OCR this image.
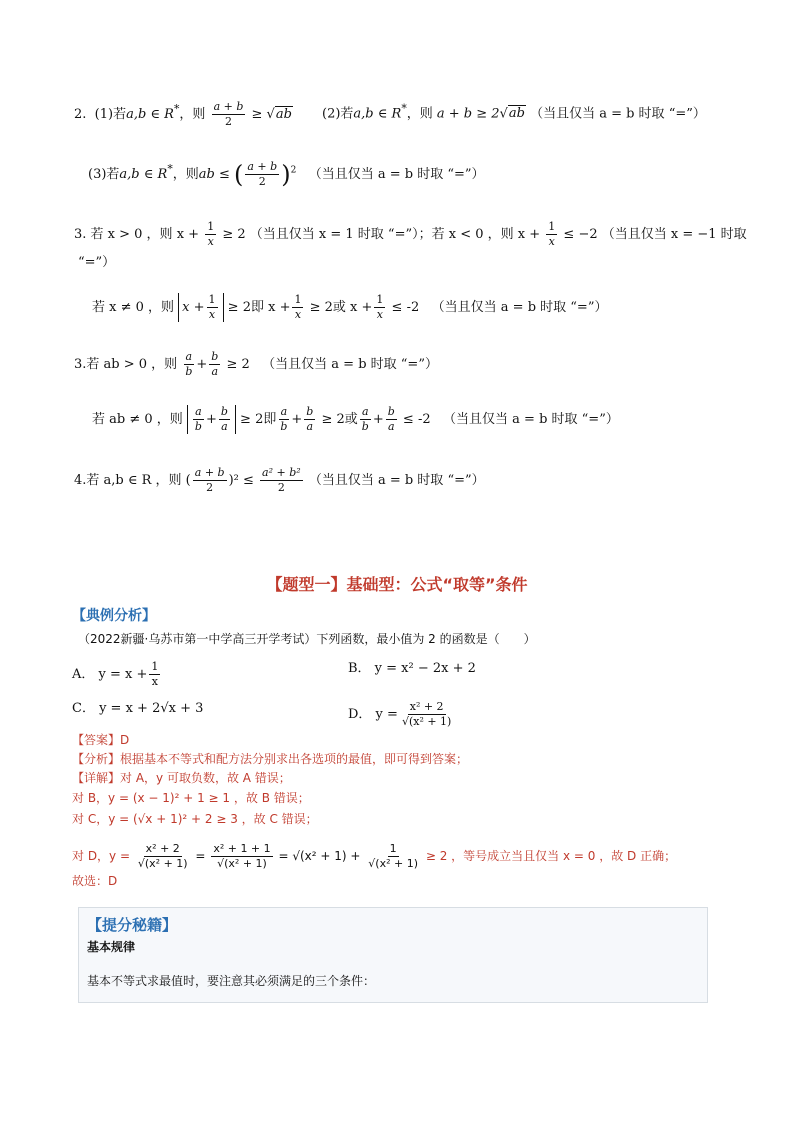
2. (1)若a,b ∈ R*，则 $\frac{a + b}{2} \ge √ab$ (2)若a,b ∈ R*，则 a + b ≥ 2√ab （当且仅当 a = b 时取 “=”）
(3)若a,b ∈ R*，则ab ≤ ( $\frac{a + b}{2} )^2$ （当且仅当 a = b 时取 “=”）
3. 若 x > 0 ，则 $x + \frac{1}{x} \ge 2$ （当且仅当 x = 1 时取 “=”）；若 x < 0 ，则 $x + \frac{1}{x} \le -2$ （当且仅当 x = −1 时取
“=”）
若 x ≠ 0 ，则 $x + \frac{1}{x} \ge 2$即 $x + \frac{1}{x} \ge 2$或 $x + \frac{1}{x} \le -2$ （当且仅当 a = b 时取 “=”）
3.若 ab > 0 ，则 $\frac{a}{b} + \frac{b}{a} \ge 2$ （当且仅当 a = b 时取 “=”）
若 ab ≠ 0 ，则 $\frac{a}{b} + \frac{b}{a} \ge 2$即 $\frac{a}{b} + \frac{b}{a} \ge 2$或 $\frac{a}{b} + \frac{b}{a} \le -2$ （当且仅当 a = b 时取 “=”）
4.若 a,b ∈ R ，则 ( $\frac{a + b}{2} )^2 \le \frac{\text{a² + b²}}{2}$ （当且仅当 a = b 时取 “=”）
【题型一】基础型：公式“取等”条件
【典例分析】
（2022新疆·乌苏市第一中学高三开学考试）下列函数，最小值为 2 的函数是（　　）
A． $y = x + \frac{1}{x}$	B． y = x² − 2x + 2
C． y = x + 2√x + 3	D． $y = \frac{\text{x² + 2}}{\text{√(x² + 1)}}$
【答案】D
【分析】根据基本不等式和配方法分别求出各选项的最值，即可得到答案；
【详解】对 A，y 可取负数，故 A 错误；
对 B，y = (x − 1)² + 1 ≥ 1 ，故 B 错误；
对 C，y = (√x + 1)² + 2 ≥ 3 ，故 C 错误；
对 D，$y = \frac{\text{x² + 2}}{\text{√(x² + 1)}} = \frac{\text{x² + 1 + 1}}{\text{√(x² + 1)}} = √(x^2 + 1) + \frac{1}{\text{√(x² + 1)}} \ge 2$ ，等号成立当且仅当 x = 0 ，故 D 正确；
故选：D
【提分秘籍】
基本规律
基本不等式求最值时，要注意其必须满足的三个条件：
